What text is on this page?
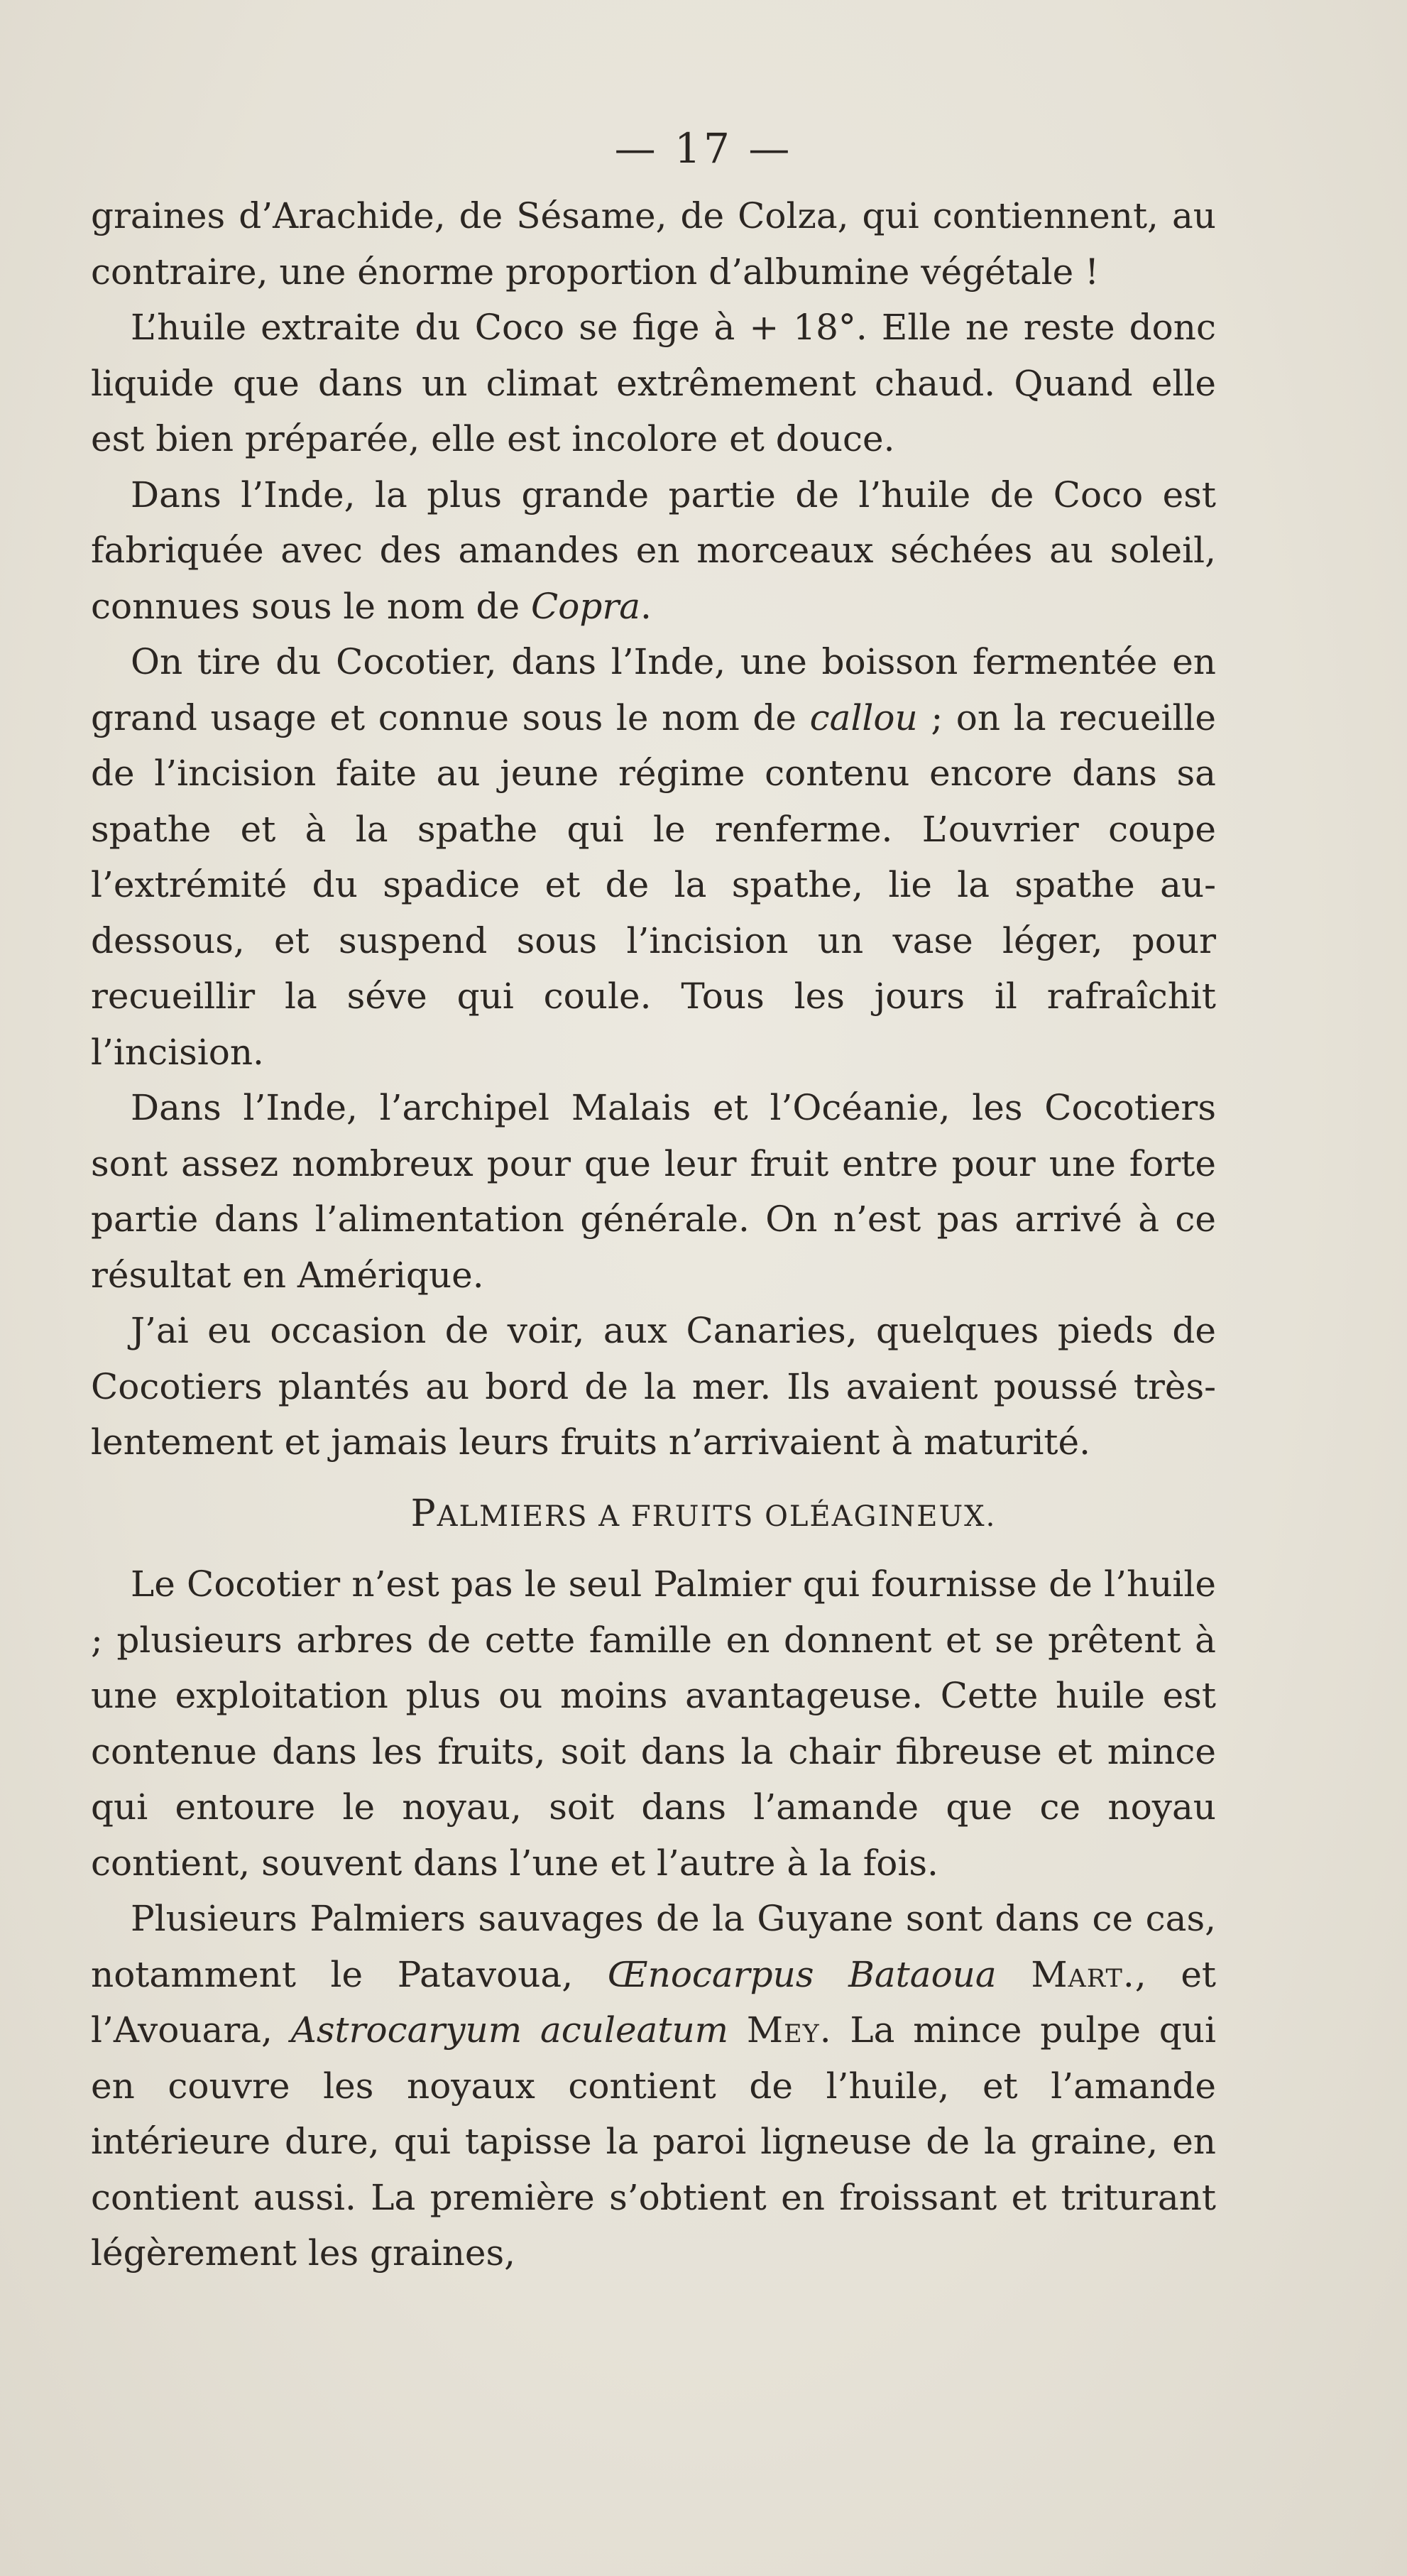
— 17 —

graines d’Arachide, de Sésame, de Colza, qui contiennent, au contraire, une énorme proportion d’albumine végétale !

L’huile extraite du Coco se fige à + 18°. Elle ne reste donc liquide que dans un climat extrêmement chaud. Quand elle est bien préparée, elle est incolore et douce.

Dans l’Inde, la plus grande partie de l’huile de Coco est fabriquée avec des amandes en morceaux séchées au soleil, connues sous le nom de Copra.

On tire du Cocotier, dans l’Inde, une boisson fermentée en grand usage et connue sous le nom de callou ; on la recueille de l’incision faite au jeune régime contenu encore dans sa spathe et à la spathe qui le renferme. L’ouvrier coupe l’extrémité du spadice et de la spathe, lie la spathe au-dessous, et suspend sous l’incision un vase léger, pour recueillir la séve qui coule. Tous les jours il rafraîchit l’incision.

Dans l’Inde, l’archipel Malais et l’Océanie, les Cocotiers sont assez nombreux pour que leur fruit entre pour une forte partie dans l’alimentation générale. On n’est pas arrivé à ce résultat en Amérique.

J’ai eu occasion de voir, aux Canaries, quelques pieds de Cocotiers plantés au bord de la mer. Ils avaient poussé très-lentement et jamais leurs fruits n’arrivaient à maturité.

PALMIERS A FRUITS OLÉAGINEUX.

Le Cocotier n’est pas le seul Palmier qui fournisse de l’huile ; plusieurs arbres de cette famille en donnent et se prêtent à une exploitation plus ou moins avantageuse. Cette huile est contenue dans les fruits, soit dans la chair fibreuse et mince qui entoure le noyau, soit dans l’amande que ce noyau contient, souvent dans l’une et l’autre à la fois.

Plusieurs Palmiers sauvages de la Guyane sont dans ce cas, notamment le Patavoua, Œnocarpus Bataoua Mart., et l’Avouara, Astrocaryum aculeatum Mey. La mince pulpe qui en couvre les noyaux contient de l’huile, et l’amande intérieure dure, qui tapisse la paroi ligneuse de la graine, en contient aussi. La première s’obtient en froissant et triturant légèrement les graines,
